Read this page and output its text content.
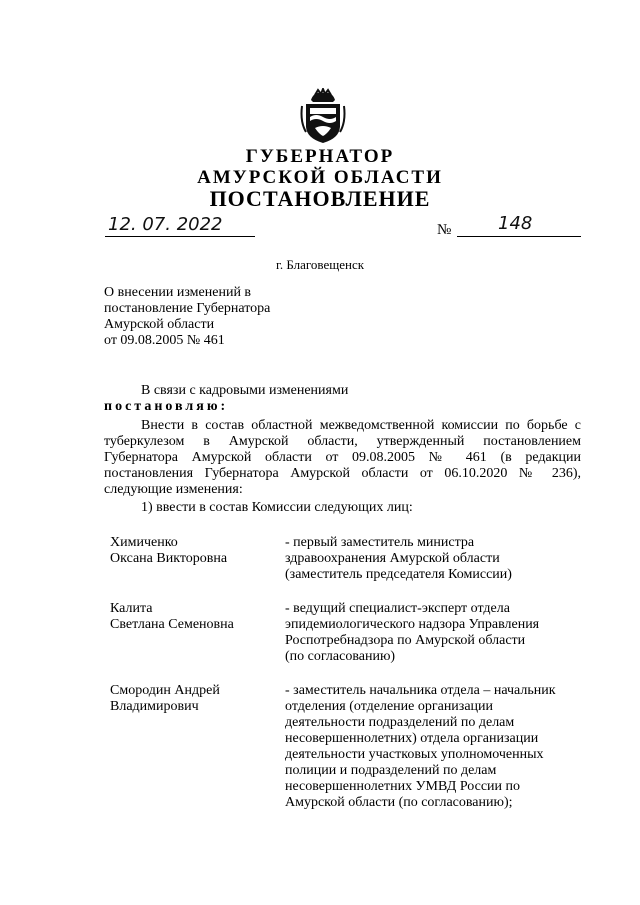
ГУБЕРНАТОР
АМУРСКОЙ ОБЛАСТИ
ПОСТАНОВЛЕНИЕ
12. 07. 2022	№	148
г. Благовещенск
О внесении изменений в
постановление Губернатора
Амурской области
от 09.08.2005 № 461
В связи с кадровыми изменениями
постановляю:
Внести в состав областной межведомственной комиссии по борьбе с
туберкулезом в Амурской области, утвержденный постановлением
Губернатора Амурской области от 09.08.2005 № 461 (в редакции
постановления Губернатора Амурской области от 06.10.2020 № 236),
следующие изменения:
1) ввести в состав Комиссии следующих лиц:
Химиченко
Оксана Викторовна
- первый заместитель министра
здравоохранения Амурской области
(заместитель председателя Комиссии)
Калита
Светлана Семеновна
- ведущий специалист-эксперт отдела
эпидемиологического надзора Управления
Роспотребнадзора по Амурской области
(по согласованию)
Смородин Андрей
Владимирович
- заместитель начальника отдела – начальник
отделения (отделение организации
деятельности подразделений по делам
несовершеннолетних) отдела организации
деятельности участковых уполномоченных
полиции и подразделений по делам
несовершеннолетних УМВД России по
Амурской области (по согласованию);
